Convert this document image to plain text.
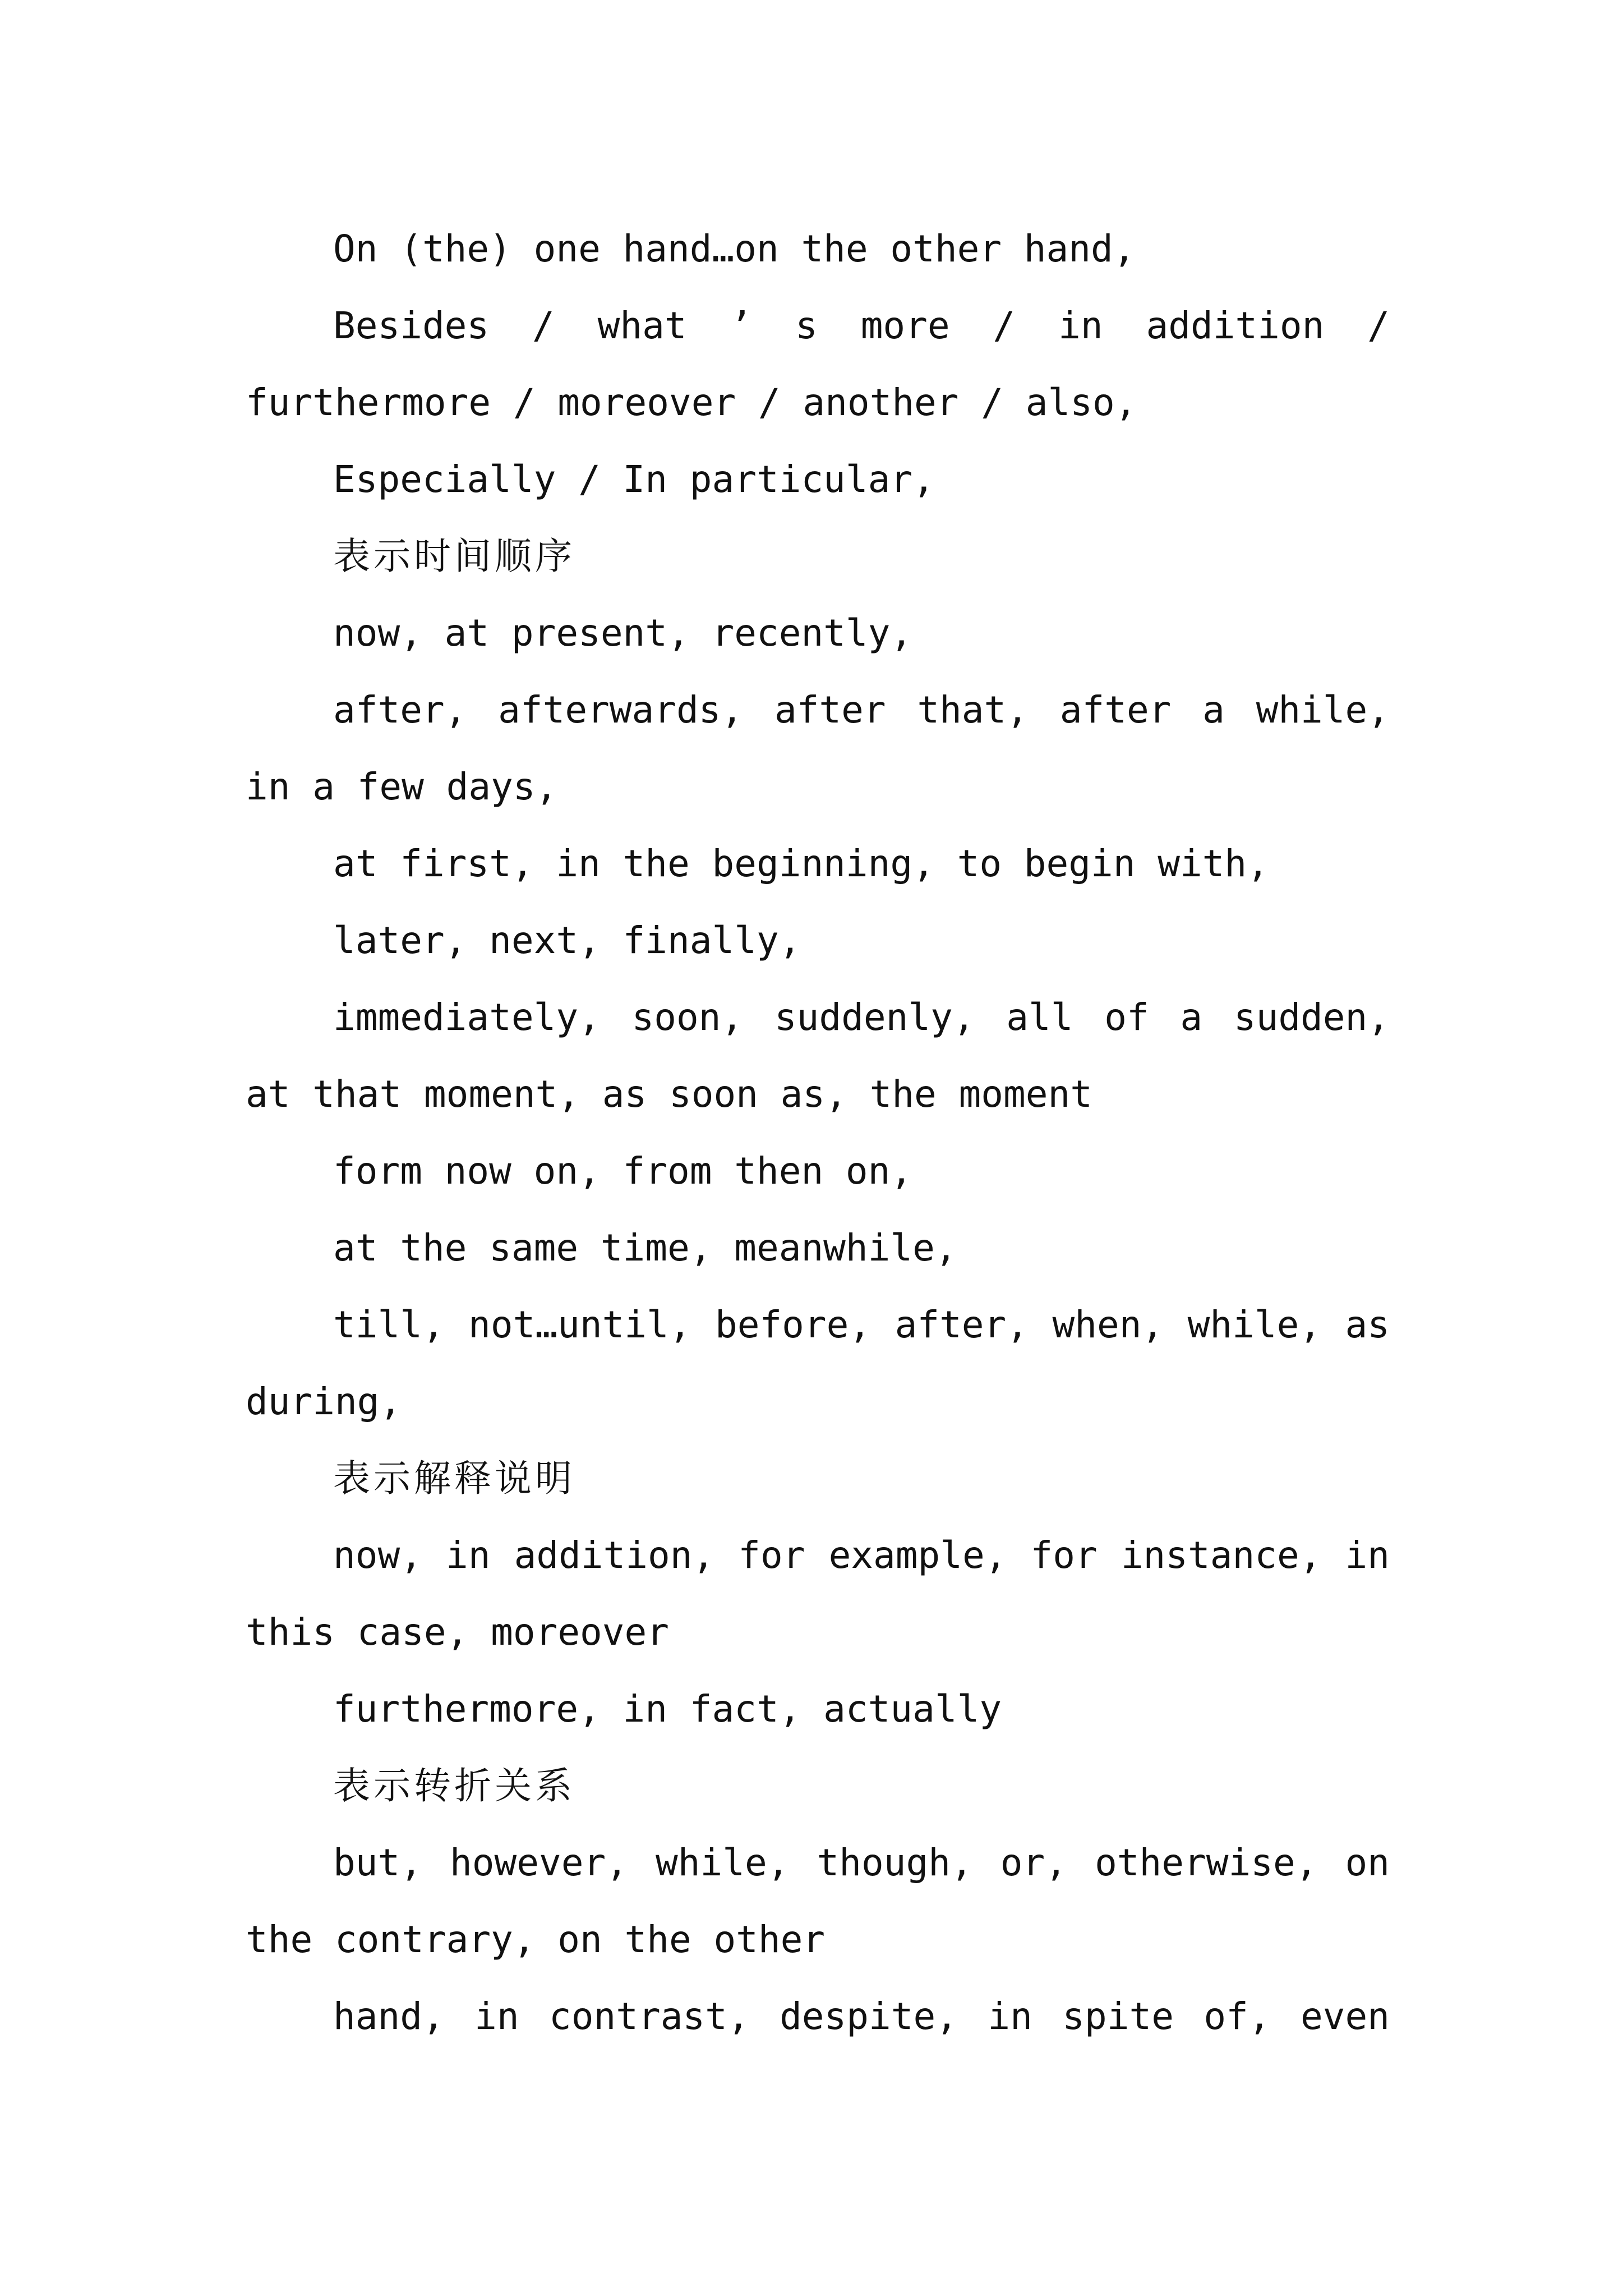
On (the) one hand…on the other hand,

Besides / what ’ s more / in addition / furthermore / moreover / another / also,

Especially / In particular,

表示时间顺序

now, at present, recently,

after, afterwards, after that, after a while, in a few days,

at first, in the beginning, to begin with,

later, next, finally,

immediately, soon, suddenly, all of a sudden, at that moment, as soon as, the moment

form now on, from then on,

at the same time, meanwhile,

till, not…until, before, after, when, while, as during,

表示解释说明

now, in addition, for example, for instance, in this case, moreover

furthermore, in fact, actually

表示转折关系

but, however, while, though, or, otherwise, on the contrary, on the other

hand, in contrast, despite, in spite of, even
